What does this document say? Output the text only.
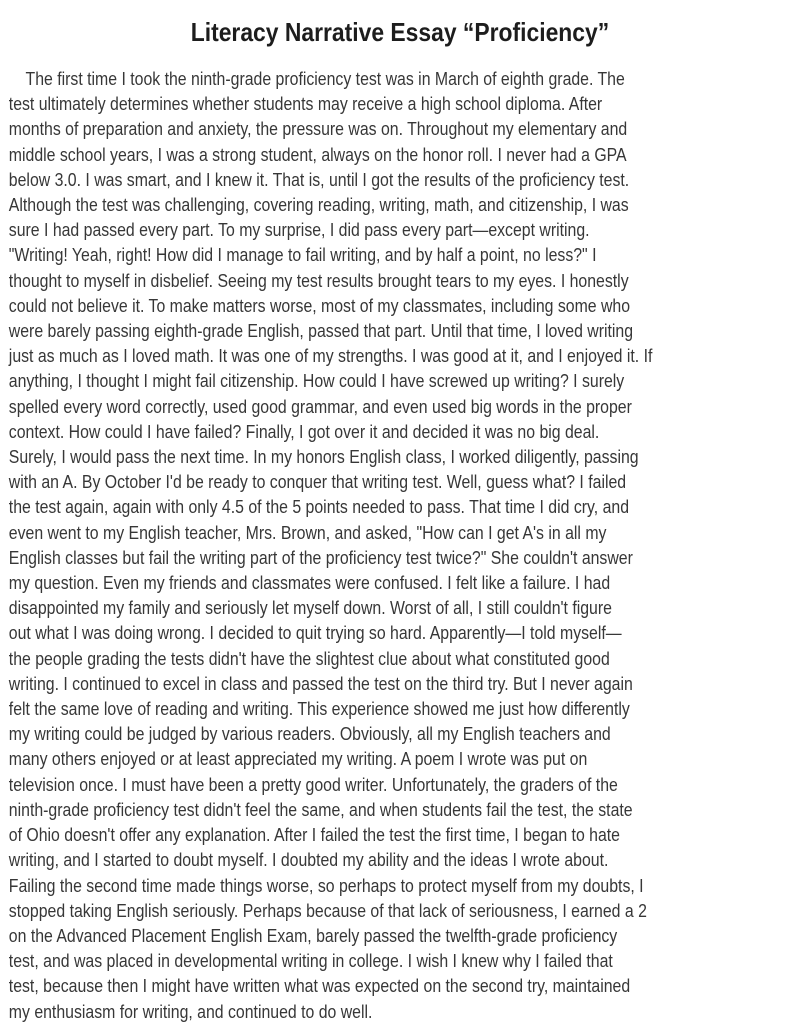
Literacy Narrative Essay “Proficiency”
The first time I took the ninth-grade proficiency test was in March of eighth grade. The
test ultimately determines whether students may receive a high school diploma. After
months of preparation and anxiety, the pressure was on. Throughout my elementary and
middle school years, I was a strong student, always on the honor roll. I never had a GPA
below 3.0. I was smart, and I knew it. That is, until I got the results of the proficiency test.
Although the test was challenging, covering reading, writing, math, and citizenship, I was
sure I had passed every part. To my surprise, I did pass every part—except writing.
"Writing! Yeah, right! How did I manage to fail writing, and by half a point, no less?" I
thought to myself in disbelief. Seeing my test results brought tears to my eyes. I honestly
could not believe it. To make matters worse, most of my classmates, including some who
were barely passing eighth-grade English, passed that part. Until that time, I loved writing
just as much as I loved math. It was one of my strengths. I was good at it, and I enjoyed it. If
anything, I thought I might fail citizenship. How could I have screwed up writing? I surely
spelled every word correctly, used good grammar, and even used big words in the proper
context. How could I have failed? Finally, I got over it and decided it was no big deal.
Surely, I would pass the next time. In my honors English class, I worked diligently, passing
with an A. By October I'd be ready to conquer that writing test. Well, guess what? I failed
the test again, again with only 4.5 of the 5 points needed to pass. That time I did cry, and
even went to my English teacher, Mrs. Brown, and asked, "How can I get A's in all my
English classes but fail the writing part of the proficiency test twice?" She couldn't answer
my question. Even my friends and classmates were confused. I felt like a failure. I had
disappointed my family and seriously let myself down. Worst of all, I still couldn't figure
out what I was doing wrong. I decided to quit trying so hard. Apparently—I told myself—
the people grading the tests didn't have the slightest clue about what constituted good
writing. I continued to excel in class and passed the test on the third try. But I never again
felt the same love of reading and writing. This experience showed me just how differently
my writing could be judged by various readers. Obviously, all my English teachers and
many others enjoyed or at least appreciated my writing. A poem I wrote was put on
television once. I must have been a pretty good writer. Unfortunately, the graders of the
ninth-grade proficiency test didn't feel the same, and when students fail the test, the state
of Ohio doesn't offer any explanation. After I failed the test the first time, I began to hate
writing, and I started to doubt myself. I doubted my ability and the ideas I wrote about.
Failing the second time made things worse, so perhaps to protect myself from my doubts, I
stopped taking English seriously. Perhaps because of that lack of seriousness, I earned a 2
on the Advanced Placement English Exam, barely passed the twelfth-grade proficiency
test, and was placed in developmental writing in college. I wish I knew why I failed that
test, because then I might have written what was expected on the second try, maintained
my enthusiasm for writing, and continued to do well.
